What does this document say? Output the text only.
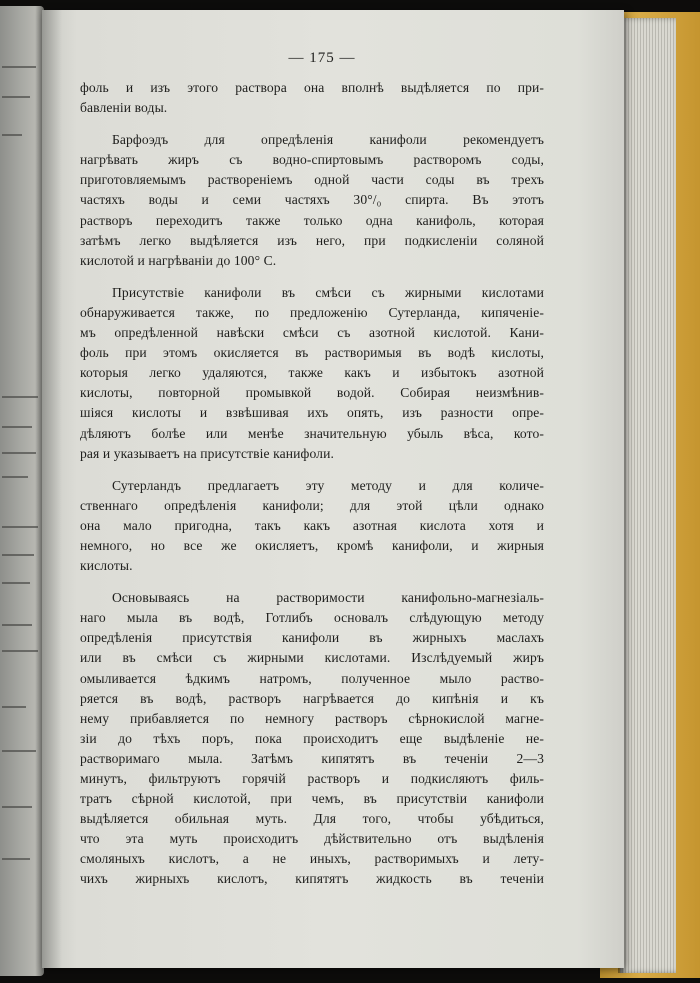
— 175 —
фоль и изъ этого раствора она вполнѣ выдѣляется по при-
бавленіи воды.
Барфоэдъ для опредѣленія канифоли рекомендуетъ
нагрѣвать жиръ съ водно-спиртовымъ растворомъ соды,
приготовляемымъ растворенiемъ одной части соды въ трехъ
частяхъ воды и семи частяхъ 30°/₀ спирта. Въ этотъ
растворъ переходитъ также только одна канифоль, которая
затѣмъ легко выдѣляется изъ него, при подкисленіи соляной
кислотой и нагрѣваніи до 100° С.
Присутствіе канифоли въ смѣси съ жирными кислотами
обнаруживается также, по предложенію Сутерланда, кипяченіе-
мъ опредѣленной навѣски смѣси съ азотной кислотой. Кани-
фоль при этомъ окисляется въ растворимыя въ водѣ кислоты,
которыя легко удаляются, также какъ и избытокъ азотной
кислоты, повторной промывкой водой. Собирая неизмѣнив-
шіяся кислоты и взвѣшивая ихъ опять, изъ разности опре-
дѣляютъ болѣе или менѣе значительную убыль вѣса, кото-
рая и указываетъ на присутствіе канифоли.
Сутерландъ предлагаетъ эту методу и для количе-
ственнаго опредѣленія канифоли; для этой цѣли однако
она мало пригодна, такъ какъ азотная кислота хотя и
немного, но все же окисляетъ, кромѣ канифоли, и жирныя
кислоты.
Основываясь на растворимости канифольно-магнезіаль-
наго мыла въ водѣ, Готлибъ основалъ слѣдующую методу
опредѣленія присутствія канифоли въ жирныхъ маслахъ
или въ смѣси съ жирными кислотами. Изслѣдуемый жиръ
омыливается ѣдкимъ натромъ, полученное мыло раство-
ряется въ водѣ, растворъ нагрѣвается до кипѣнія и къ
нему прибавляется по немногу растворъ сѣрнокислой магне-
зіи до тѣхъ поръ, пока происходитъ еще выдѣленіе не-
растворимаго мыла. Затѣмъ кипятятъ въ теченіи 2—3
минутъ, фильтруютъ горячій растворъ и подкисляютъ филь-
тратъ сѣрной кислотой, при чемъ, въ присутствіи канифоли
выдѣляется обильная муть. Для того, чтобы убѣдиться,
что эта муть происходитъ дѣйствительно отъ выдѣленія
смоляныхъ кислотъ, а не иныхъ, растворимыхъ и лету-
чихъ жирныхъ кислотъ, кипятятъ жидкость въ теченіи
